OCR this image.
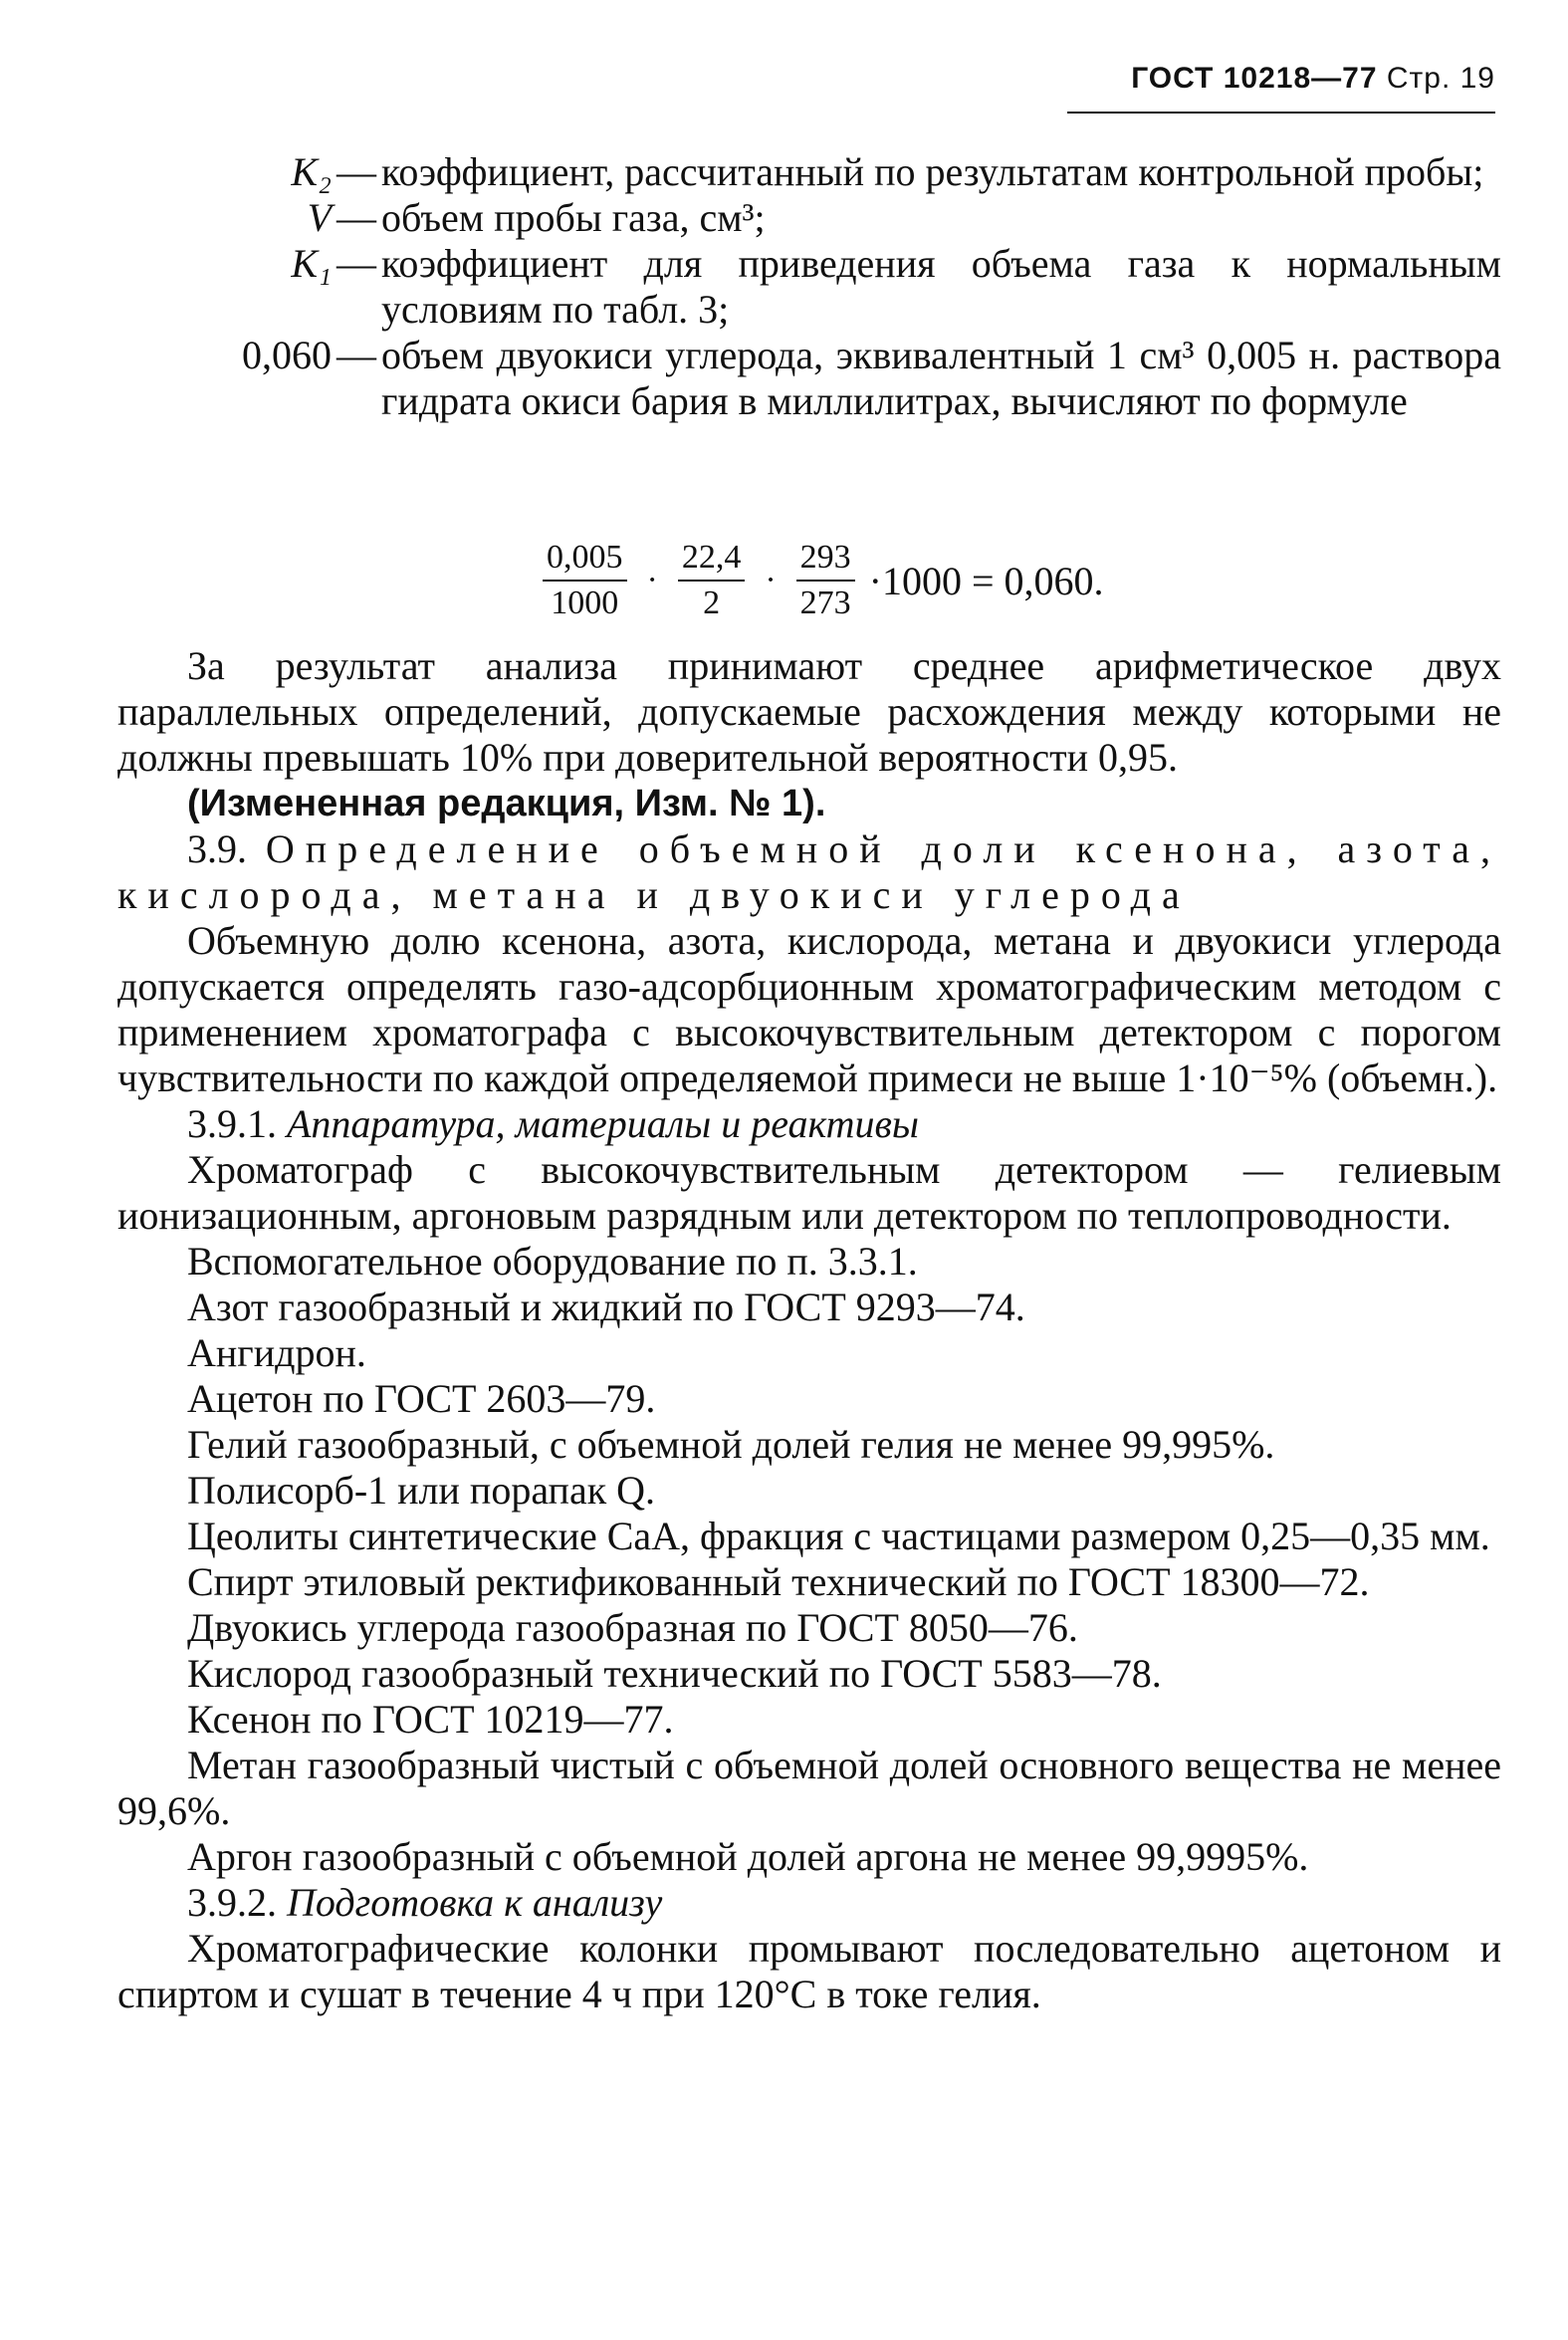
ГОСТ 10218—77 Стр. 19
K₂ — коэффициент, рассчитанный по результатам контрольной пробы;
V — объем пробы газа, см³;
K₁ — коэффициент для приведения объема газа к нормальным условиям по табл. 3;
0,060 — объем двуокиси углерода, эквивалентный 1 см³ 0,005 н. раствора гидрата окиси бария в миллилитрах, вычисляют по формуле
$\frac{0,005}{1000} \cdot \frac{22,4}{2} \cdot \frac{293}{273} \cdot 1000 = 0,060$.

За результат анализа принимают среднее арифметическое двух параллельных определений, допускаемые расхождения между которыми не должны превышать 10% при доверительной вероятности 0,95.

(Измененная редакция, Изм. № 1).

3.9. Определение объемной доли ксенона, азота, кислорода, метана и двуокиси углерода

Объемную долю ксенона, азота, кислорода, метана и двуокиси углерода допускается определять газо-адсорбционным хроматографическим методом с применением хроматографа с высокочувствительным детектором с порогом чувствительности по каждой определяемой примеси не выше 1·10⁻⁵% (объемн.).

3.9.1. Аппаратура, материалы и реактивы

Хроматограф с высокочувствительным детектором — гелиевым ионизационным, аргоновым разрядным или детектором по теплопроводности.

Вспомогательное оборудование по п. 3.3.1.

Азот газообразный и жидкий по ГОСТ 9293—74.

Ангидрон.

Ацетон по ГОСТ 2603—79.

Гелий газообразный, с объемной долей гелия не менее 99,995%.

Полисорб-1 или порапак Q.

Цеолиты синтетические СаА, фракция с частицами размером 0,25—0,35 мм.

Спирт этиловый ректификованный технический по ГОСТ 18300—72.

Двуокись углерода газообразная по ГОСТ 8050—76.

Кислород газообразный технический по ГОСТ 5583—78.

Ксенон по ГОСТ 10219—77.

Метан газообразный чистый с объемной долей основного вещества не менее 99,6%.

Аргон газообразный с объемной долей аргона не менее 99,9995%.

3.9.2. Подготовка к анализу

Хроматографические колонки промывают последовательно ацетоном и спиртом и сушат в течение 4 ч при 120°С в токе гелия.
